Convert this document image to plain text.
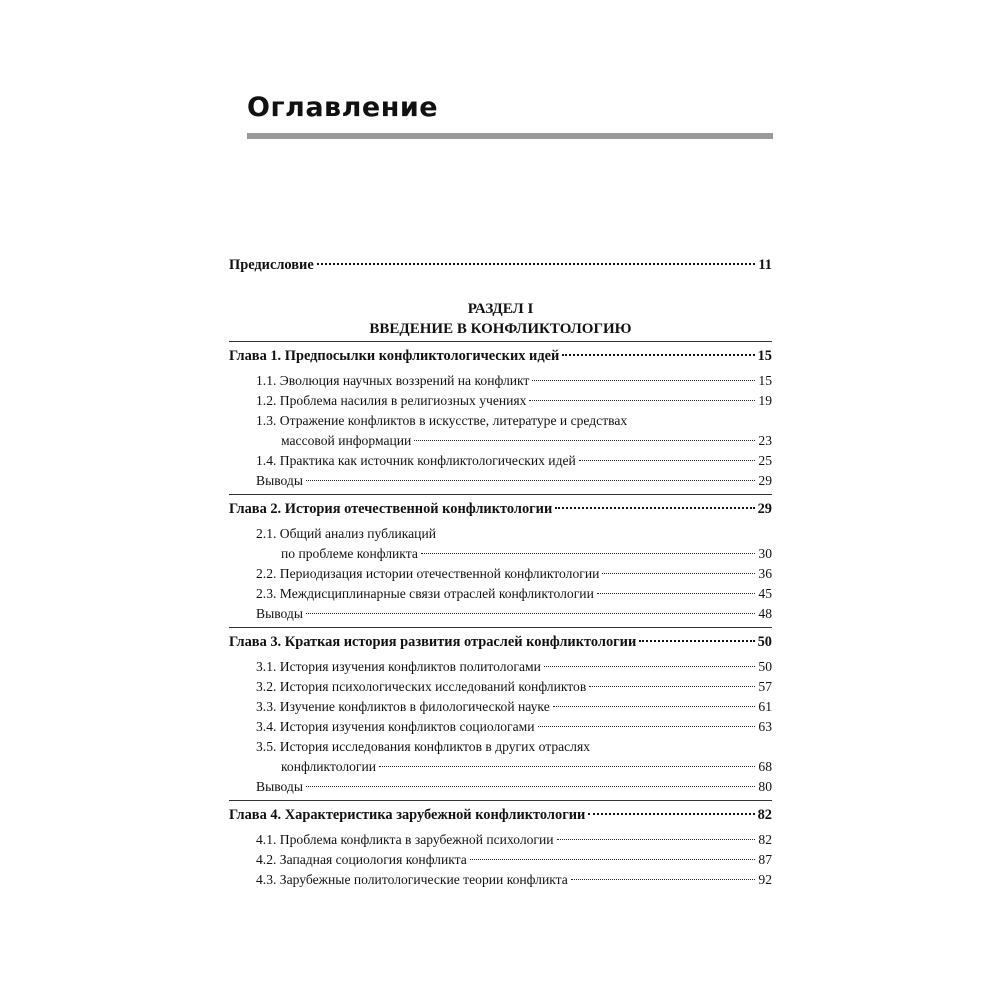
Оглавление
Предисловие	11
РАЗДЕЛ I
ВВЕДЕНИЕ В КОНФЛИКТОЛОГИЮ
Глава 1. Предпосылки конфликтологических идей	15
1.1. Эволюция научных воззрений на конфликт	15
1.2. Проблема насилия в религиозных учениях	19
1.3. Отражение конфликтов в искусстве, литературе и средствах
массовой информации	23
1.4. Практика как источник конфликтологических идей	25
Выводы	29
Глава 2. История отечественной конфликтологии	29
2.1. Общий анализ публикаций
по проблеме конфликта	30
2.2. Периодизация истории отечественной конфликтологии	36
2.3. Междисциплинарные связи отраслей конфликтологии	45
Выводы	48
Глава 3. Краткая история развития отраслей конфликтологии	50
3.1. История изучения конфликтов политологами	50
3.2. История психологических исследований конфликтов	57
3.3. Изучение конфликтов в филологической науке	61
3.4. История изучения конфликтов социологами	63
3.5. История исследования конфликтов в других отраслях
конфликтологии	68
Выводы	80
Глава 4. Характеристика зарубежной конфликтологии	82
4.1. Проблема конфликта в зарубежной психологии	82
4.2. Западная социология конфликта	87
4.3. Зарубежные политологические теории конфликта	92
